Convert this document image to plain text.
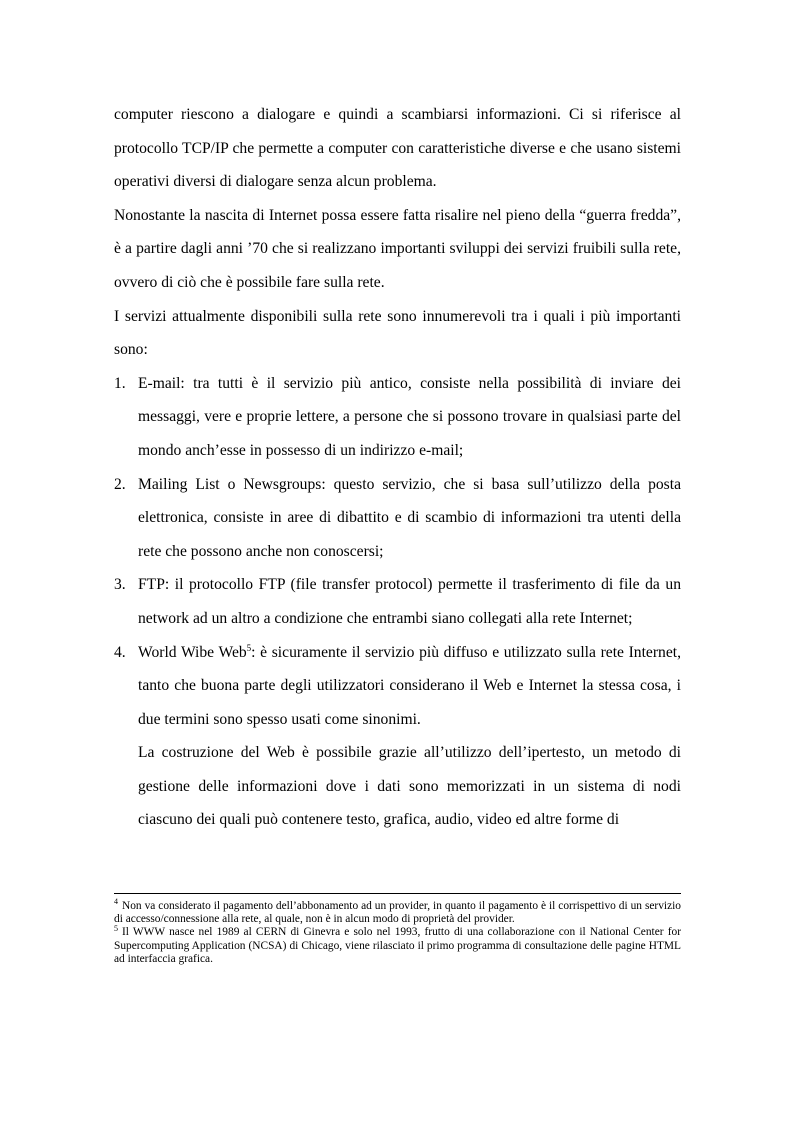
computer riescono a dialogare e quindi a scambiarsi informazioni. Ci si riferisce al protocollo TCP/IP che permette a computer con caratteristiche diverse e che usano sistemi operativi diversi di dialogare senza alcun problema.

Nonostante la nascita di Internet possa essere fatta risalire nel pieno della “guerra fredda”, è a partire dagli anni ’70 che si realizzano importanti sviluppi dei servizi fruibili sulla rete, ovvero di ciò che è possibile fare sulla rete.

I servizi attualmente disponibili sulla rete sono innumerevoli tra i quali i più importanti sono:

1. E-mail: tra tutti è il servizio più antico, consiste nella possibilità di inviare dei messaggi, vere e proprie lettere, a persone che si possono trovare in qualsiasi parte del mondo anch’esse in possesso di un indirizzo e-mail;
2. Mailing List o Newsgroups: questo servizio, che si basa sull’utilizzo della posta elettronica, consiste in aree di dibattito e di scambio di informazioni tra utenti della rete che possono anche non conoscersi;
3. FTP: il protocollo FTP (file transfer protocol) permette il trasferimento di file da un network ad un altro a condizione che entrambi siano collegati alla rete Internet;
4. World Wibe Web$^5$: è sicuramente il servizio più diffuso e utilizzato sulla rete Internet, tanto che buona parte degli utilizzatori considerano il Web e Internet la stessa cosa, i due termini sono spesso usati come sinonimi.

La costruzione del Web è possibile grazie all’utilizzo dell’ipertesto, un metodo di gestione delle informazioni dove i dati sono memorizzati in un sistema di nodi ciascuno dei quali può contenere testo, grafica, audio, video ed altre forme di

$^4$ Non va considerato il pagamento dell’abbonamento ad un provider, in quanto il pagamento è il corrispettivo di un servizio di accesso/connessione alla rete, al quale, non è in alcun modo di proprietà del provider.

$^5$ Il WWW nasce nel 1989 al CERN di Ginevra e solo nel 1993, frutto di una collaborazione con il National Center for Supercomputing Application (NCSA) di Chicago, viene rilasciato il primo programma di consultazione delle pagine HTML ad interfaccia grafica.
